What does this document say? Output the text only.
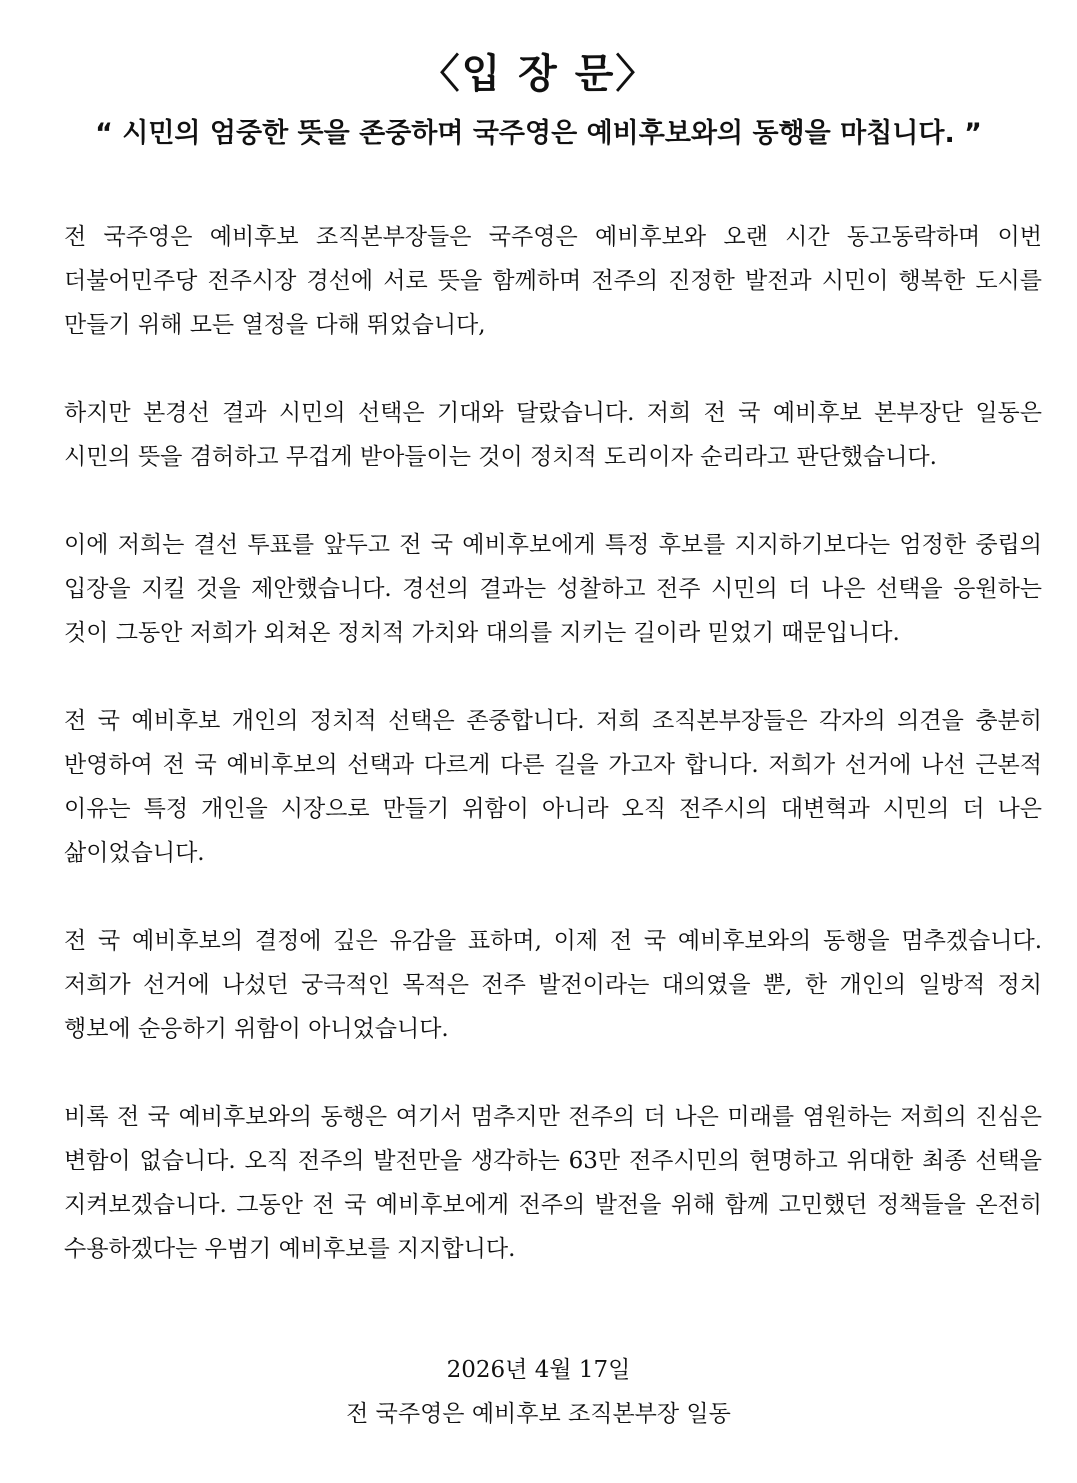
〈입 장 문〉
“ 시민의 엄중한 뜻을 존중하며 국주영은 예비후보와의 동행을 마칩니다. ”

전 국주영은 예비후보 조직본부장들은 국주영은 예비후보와 오랜 시간 동고동락하며 이번 더불어민주당 전주시장 경선에 서로 뜻을 함께하며 전주의 진정한 발전과 시민이 행복한 도시를 만들기 위해 모든 열정을 다해 뛰었습니다,

하지만 본경선 결과 시민의 선택은 기대와 달랐습니다. 저희 전 국 예비후보 본부장단 일동은 시민의 뜻을 겸허하고 무겁게 받아들이는 것이 정치적 도리이자 순리라고 판단했습니다.

이에 저희는 결선 투표를 앞두고 전 국 예비후보에게 특정 후보를 지지하기보다는 엄정한 중립의 입장을 지킬 것을 제안했습니다. 경선의 결과는 성찰하고 전주 시민의 더 나은 선택을 응원하는 것이 그동안 저희가 외쳐온 정치적 가치와 대의를 지키는 길이라 믿었기 때문입니다.

전 국 예비후보 개인의 정치적 선택은 존중합니다. 저희 조직본부장들은 각자의 의견을 충분히 반영하여 전 국 예비후보의 선택과 다르게 다른 길을 가고자 합니다. 저희가 선거에 나선 근본적 이유는 특정 개인을 시장으로 만들기 위함이 아니라 오직 전주시의 대변혁과 시민의 더 나은 삶이었습니다.

전 국 예비후보의 결정에 깊은 유감을 표하며, 이제 전 국 예비후보와의 동행을 멈추겠습니다. 저희가 선거에 나섰던 궁극적인 목적은 전주 발전이라는 대의였을 뿐, 한 개인의 일방적 정치 행보에 순응하기 위함이 아니었습니다.

비록 전 국 예비후보와의 동행은 여기서 멈추지만 전주의 더 나은 미래를 염원하는 저희의 진심은 변함이 없습니다. 오직 전주의 발전만을 생각하는 63만 전주시민의 현명하고 위대한 최종 선택을 지켜보겠습니다. 그동안 전 국 예비후보에게 전주의 발전을 위해 함께 고민했던 정책들을 온전히 수용하겠다는 우범기 예비후보를 지지합니다.

2026년 4월 17일
전 국주영은 예비후보 조직본부장 일동
